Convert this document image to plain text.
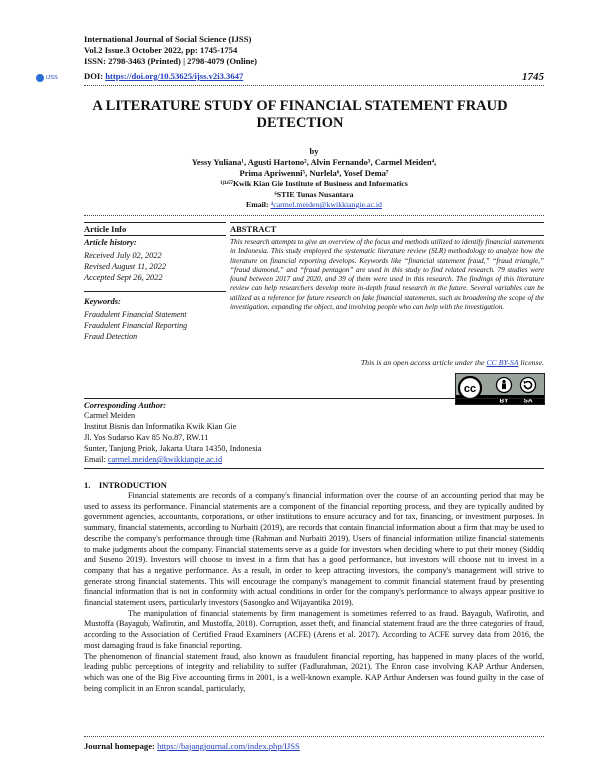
International Journal of Social Science (IJSS)
Vol.2 Issue.3 October 2022, pp: 1745-1754
ISSN: 2798-3463 (Printed) | 2798-4079 (Online)
DOI: https://doi.org/10.53625/ijss.v2i3.3647
IJSS	1745
A LITERATURE STUDY OF FINANCIAL STATEMENT FRAUD DETECTION
by
Yessy Yuliana¹, Agusti Hartono², Alvin Fernando³, Carmel Meiden⁴,
Prima Apriwenni⁵, Nurlela⁶, Yosef Dema⁷
¹ʲ³ʴ⁵⁷Kwik Kian Gie Institute of Business and Informatics
⁶STIE Tunas Nusantara
Email: ⁴carmel.meiden@kwikkiangie.ac.id
Article Info	ABSTRACT
Article history:
Received July 02, 2022
Revised August 11, 2022
Accepted Sept 26, 2022
Keywords:
Fraudulent Financial Statement
Fraudulent Financial Reporting
Fraud Detection
This research attempts to give an overview of the focus and methods utilized to identify financial statements in Indonesia. This study employed the systematic literature review (SLR) methodology to analyze how the literature on financial reporting develops. Keywords like “financial statement fraud,” “fraud triangle,” “fraud diamond,” and “fraud pentagon” are used in this study to find related research. 79 studies were found between 2017 and 2020, and 39 of them were used in this research. The findings of this literature review can help researchers develop more in-depth fraud research in the future. Several variables can be utilized as a reference for future research on fake financial statements, such as broadening the scope of the investigation, expanding the object, and involving people who can help with the investigation.
This is an open access article under the CC BY-SA license.
cc
BY SA
Corresponding Author:
Carmel Meiden
Institut Bisnis dan Informatika Kwik Kian Gie
Jl. Yos Sudarso Kav 85 No.87, RW.11
Sunter, Tanjung Priok, Jakarta Utara 14350, Indonesia
Email: carmel.meiden@kwikkiangie.ac.id
1.    INTRODUCTION

Financial statements are records of a company's financial information over the course of an accounting period that may be used to assess its performance. Financial statements are a component of the financial reporting process, and they are typically audited by government agencies, accountants, corporations, or other institutions to ensure accuracy and for tax, financing, or investment purposes. In summary, financial statements, according to Nurbaiti (2019), are records that contain financial information about a firm that may be used to describe the company's performance through time (Rahman and Nurbaiti 2019). Users of financial information utilize financial statements to make judgments about the company. Financial statements serve as a guide for investors when deciding where to put their money (Siddiq and Suseno 2019). Investors will choose to invest in a firm that has a good performance, but investors will choose not to invest in a company that has a negative performance. As a result, in order to keep attracting investors, the company's management will strive to generate strong financial statements. This will encourage the company's management to commit financial statement fraud by presenting financial information that is not in conformity with actual conditions in order for the company's performance to always appear positive to financial statement users, particularly investors (Sasongko and Wijayantika 2019).

The manipulation of financial statements by firm management is sometimes referred to as fraud. Bayagub, Wafirotin, and Mustoffa (Bayagub, Wafirotin, and Mustoffa, 2018). Corruption, asset theft, and financial statement fraud are the three categories of fraud, according to the Association of Certified Fraud Examiners (ACFE) (Arens et al. 2017). According to ACFE survey data from 2016, the most damaging fraud is fake financial reporting.

The phenomenon of financial statement fraud, also known as fraudulent financial reporting, has happened in many places of the world, leading public perceptions of integrity and reliability to suffer (Fadlurahman, 2021). The Enron case involving KAP Arthur Andersen, which was one of the Big Five accounting firms in 2001, is a well-known example. KAP Arthur Andersen was found guilty in the case of being complicit in an Enron scandal, particularly,

Journal homepage: https://bajangjournal.com/index.php/IJSS
